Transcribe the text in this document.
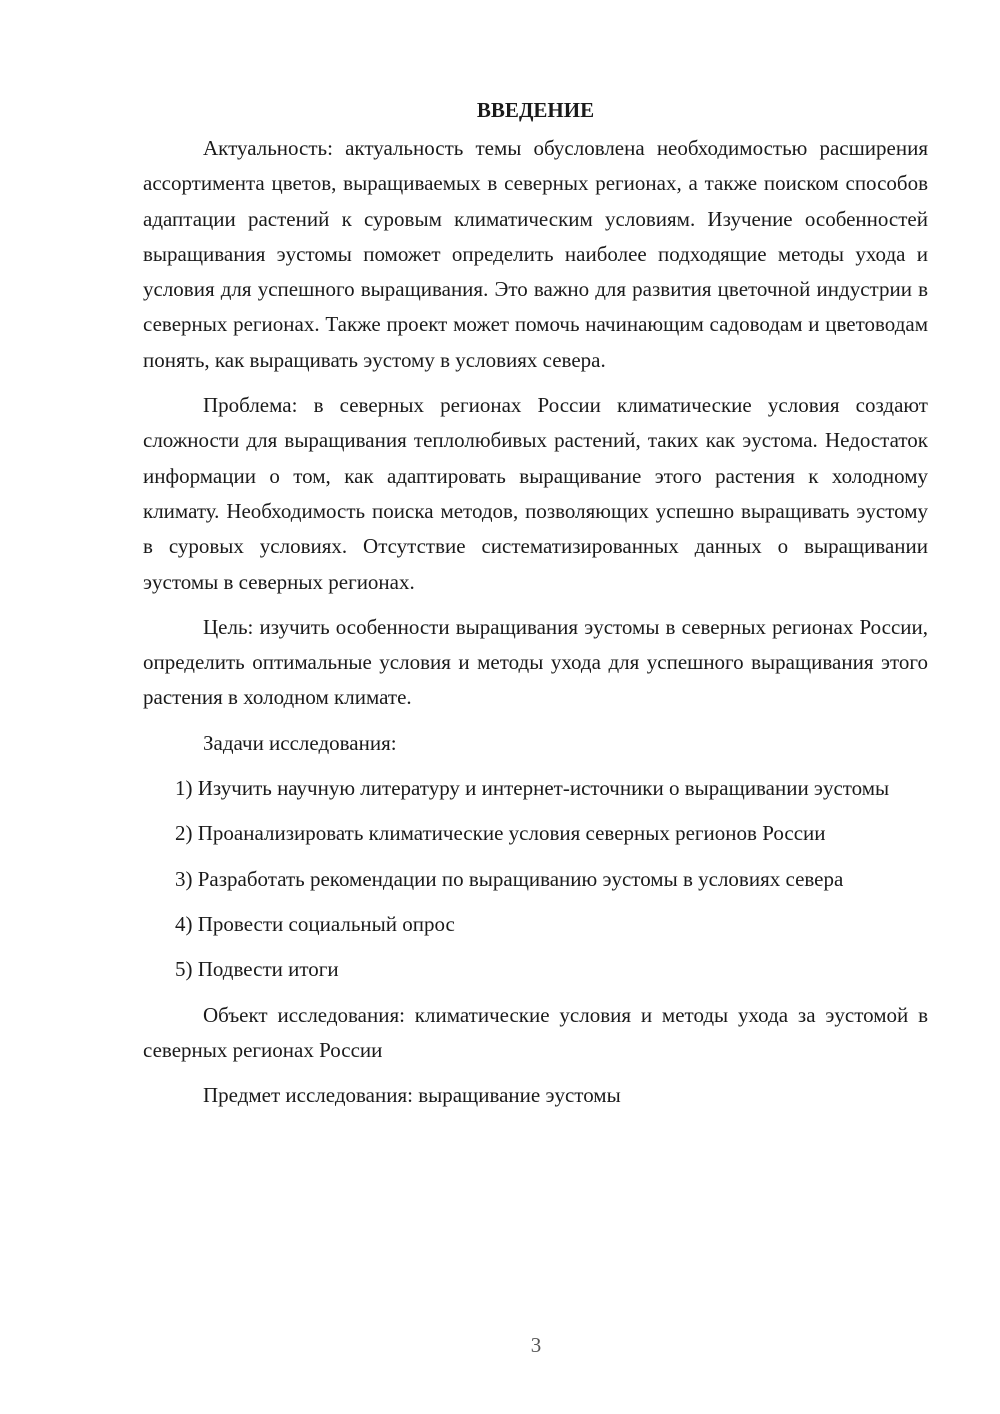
ВВЕДЕНИЕ

Актуальность: актуальность темы обусловлена необходимостью расширения ассортимента цветов, выращиваемых в северных регионах, а также поиском способов адаптации растений к суровым климатическим условиям. Изучение особенностей выращивания эустомы поможет определить наиболее подходящие методы ухода и условия для успешного выращивания. Это важно для развития цветочной индустрии в северных регионах. Также проект может помочь начинающим садоводам и цветоводам понять, как выращивать эустому в условиях севера.

Проблема: в северных регионах России климатические условия создают сложности для выращивания теплолюбивых растений, таких как эустома. Недостаток информации о том, как адаптировать выращивание этого растения к холодному климату. Необходимость поиска методов, позволяющих успешно выращивать эустому в суровых условиях. Отсутствие систематизированных данных о выращивании эустомы в северных регионах.

Цель: изучить особенности выращивания эустомы в северных регионах России, определить оптимальные условия и методы ухода для успешного выращивания этого растения в холодном климате.

Задачи исследования:

1) Изучить научную литературу и интернет-источники о выращивании эустомы

2) Проанализировать климатические условия северных регионов России

3) Разработать рекомендации по выращиванию эустомы в условиях севера

4) Провести социальный опрос

5) Подвести итоги

Объект исследования: климатические условия и методы ухода за эустомой в северных регионах России

Предмет исследования: выращивание эустомы

3
